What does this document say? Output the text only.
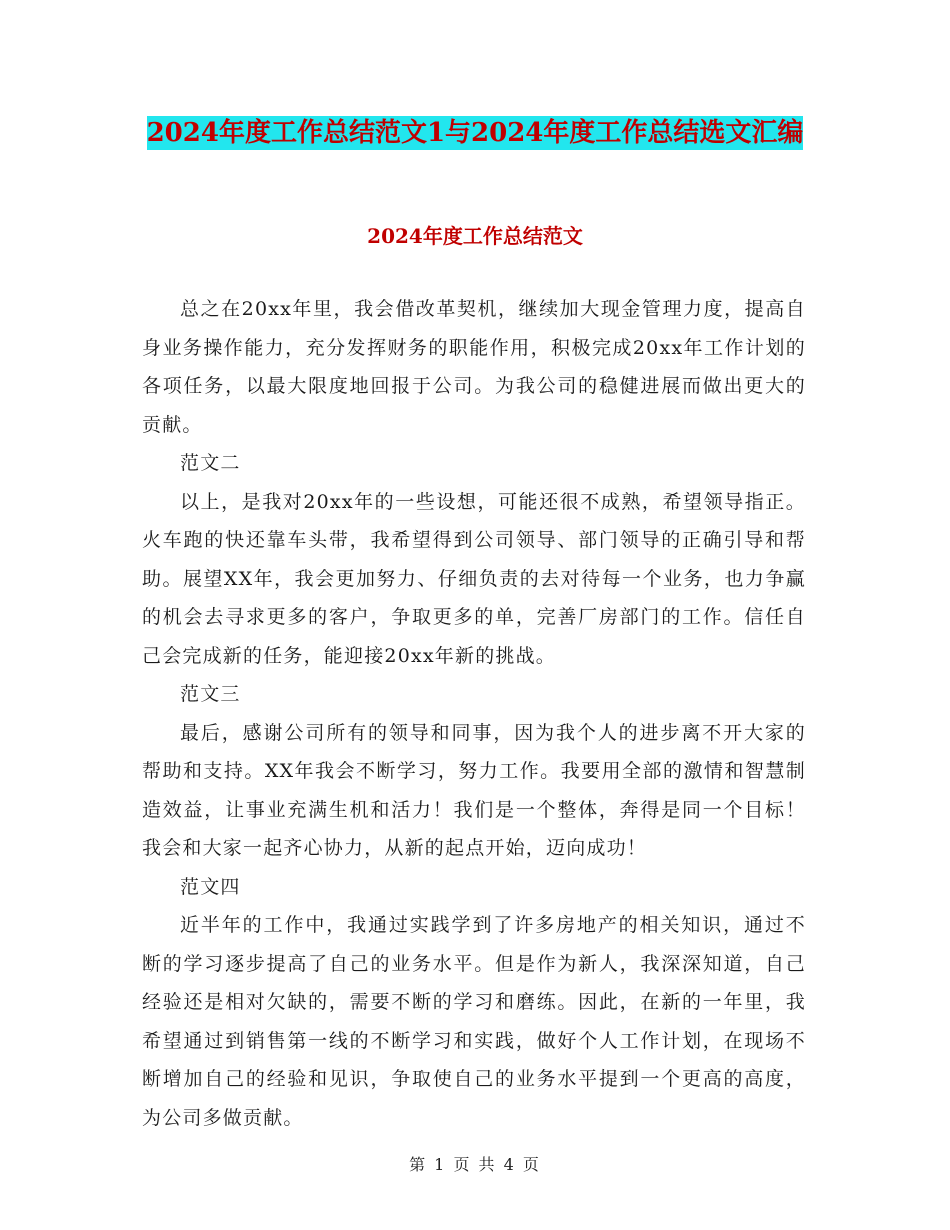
2024年度工作总结范文1与2024年度工作总结选文汇编
2024年度工作总结范文

总之在20xx年里，我会借改革契机，继续加大现金管理力度，提高自身业务操作能力，充分发挥财务的职能作用，积极完成20xx年工作计划的各项任务，以最大限度地回报于公司。为我公司的稳健进展而做出更大的贡献。

范文二

以上，是我对20xx年的一些设想，可能还很不成熟，希望领导指正。火车跑的快还靠车头带，我希望得到公司领导、部门领导的正确引导和帮助。展望XX年，我会更加努力、仔细负责的去对待每一个业务，也力争赢的机会去寻求更多的客户，争取更多的单，完善厂房部门的工作。信任自己会完成新的任务，能迎接20xx年新的挑战。

范文三

最后，感谢公司所有的领导和同事，因为我个人的进步离不开大家的帮助和支持。XX年我会不断学习，努力工作。我要用全部的激情和智慧制造效益，让事业充满生机和活力！我们是一个整体，奔得是同一个目标！我会和大家一起齐心协力，从新的起点开始，迈向成功！

范文四

近半年的工作中，我通过实践学到了许多房地产的相关知识，通过不断的学习逐步提高了自己的业务水平。但是作为新人，我深深知道，自己经验还是相对欠缺的，需要不断的学习和磨练。因此，在新的一年里，我希望通过到销售第一线的不断学习和实践，做好个人工作计划，在现场不断增加自己的经验和见识，争取使自己的业务水平提到一个更高的高度，为公司多做贡献。

第 1 页 共 4 页
